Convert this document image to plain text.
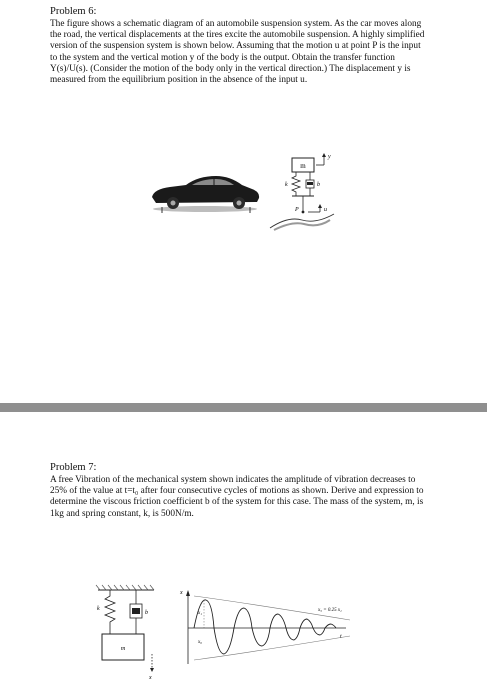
Problem 6:

The figure shows a schematic diagram of an automobile suspension system. As the car moves along the road, the vertical displacements at the tires excite the automobile suspension. A highly simplified version of the suspension system is shown below. Assuming that the motion u at point P is the input to the system and the vertical motion y of the body is the output. Obtain the transfer function Y(s)/U(s). (Consider the motion of the body only in the vertical direction.) The displacement y is measured from the equilibrium position in the absence of the input u.

m
y
k	b
P	u
Problem 7:

A free Vibration of the mechanical system shown indicates the amplitude of vibration decreases to 25% of the value at t=t₀ after four consecutive cycles of motions as shown. Derive and expression to determine the viscous friction coefficient b of the system for this case. The mass of the system, m, is 1kg and spring constant, k, is 500N/m.

k
b
m
x
x
t
x₁
x₀
x₅ = 0.25 x₁
